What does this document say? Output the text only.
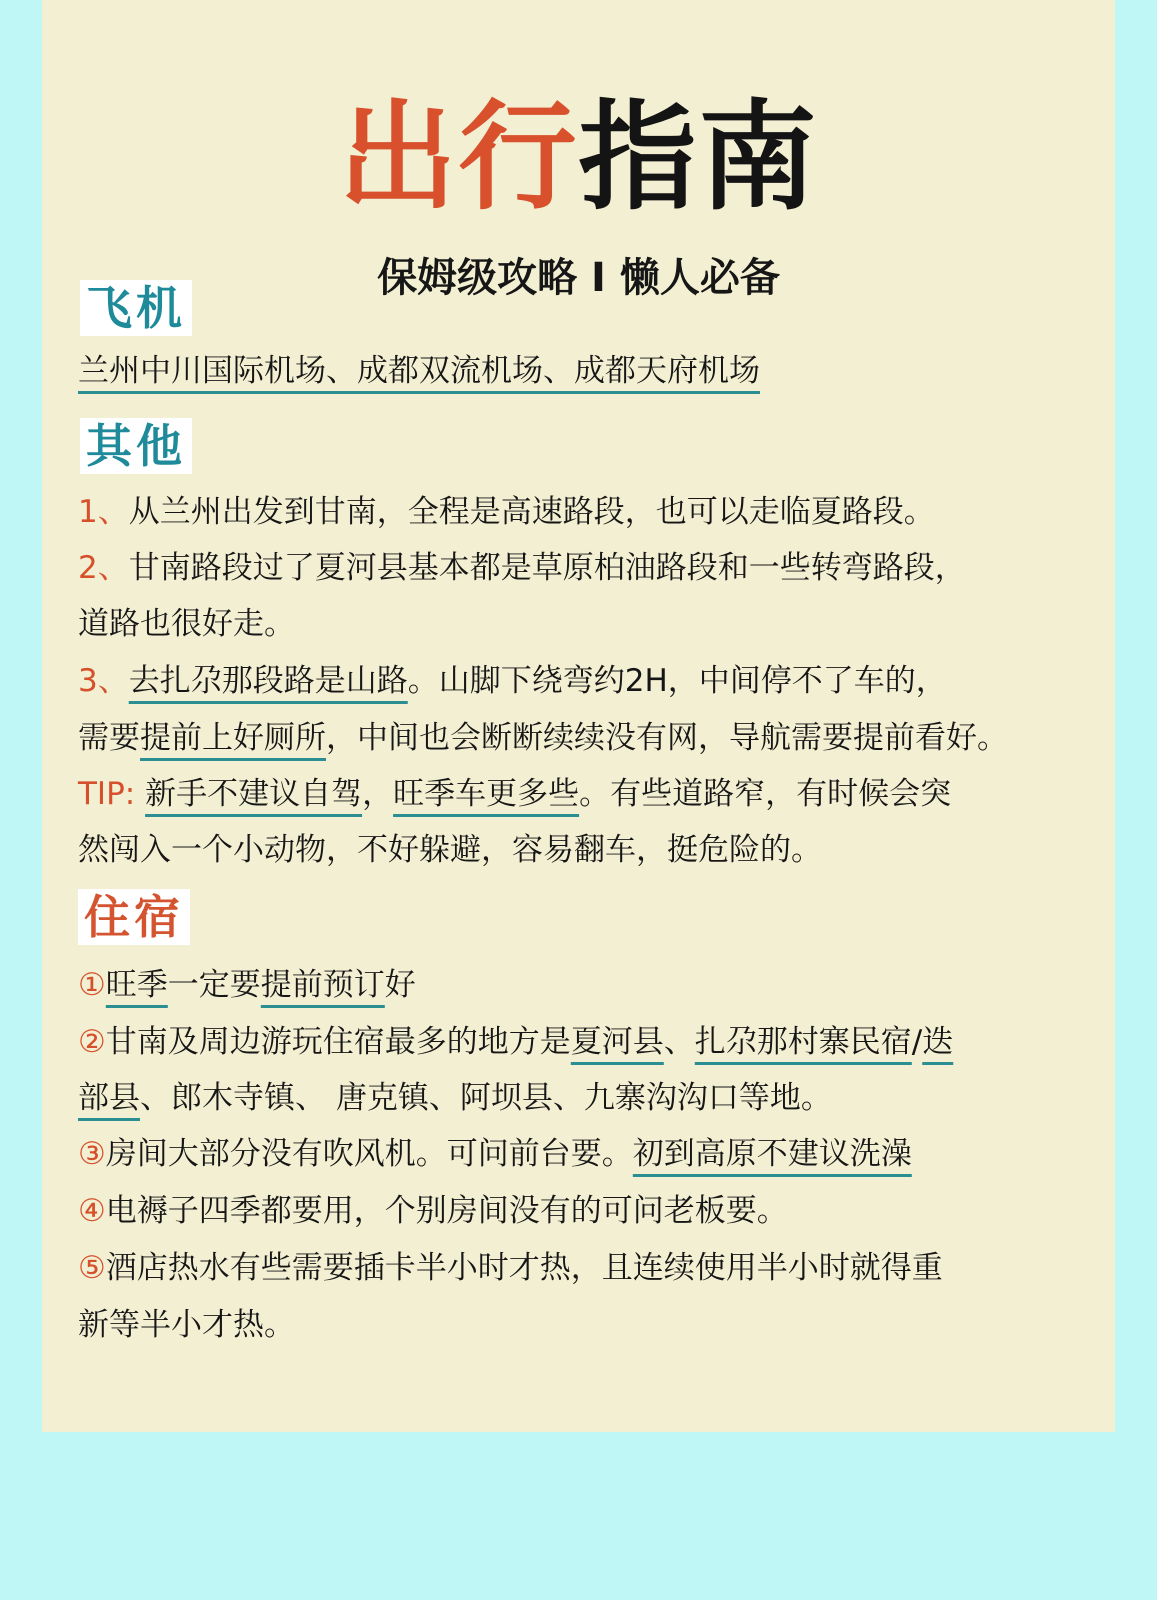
出行指南
保姆级攻略 I 懒人必备
飞机
兰州中川国际机场、成都双流机场、成都天府机场
其他
1、从兰州出发到甘南，全程是高速路段，也可以走临夏路段。
2、甘南路段过了夏河县基本都是草原柏油路段和一些转弯路段，
道路也很好走。
3、去扎尕那段路是山路。山脚下绕弯约2H，中间停不了车的，
需要提前上好厕所，中间也会断断续续没有网，导航需要提前看好。
TIP: 新手不建议自驾，旺季车更多些。有些道路窄，有时候会突
然闯入一个小动物，不好躲避，容易翻车，挺危险的。
住宿
①旺季一定要提前预订好
②甘南及周边游玩住宿最多的地方是夏河县、扎尕那村寨民宿/迭
部县、郎木寺镇、 唐克镇、阿坝县、九寨沟沟口等地。
③房间大部分没有吹风机。可问前台要。初到高原不建议洗澡
④电褥子四季都要用，个别房间没有的可问老板要。
⑤酒店热水有些需要插卡半小时才热，且连续使用半小时就得重
新等半小才热。
